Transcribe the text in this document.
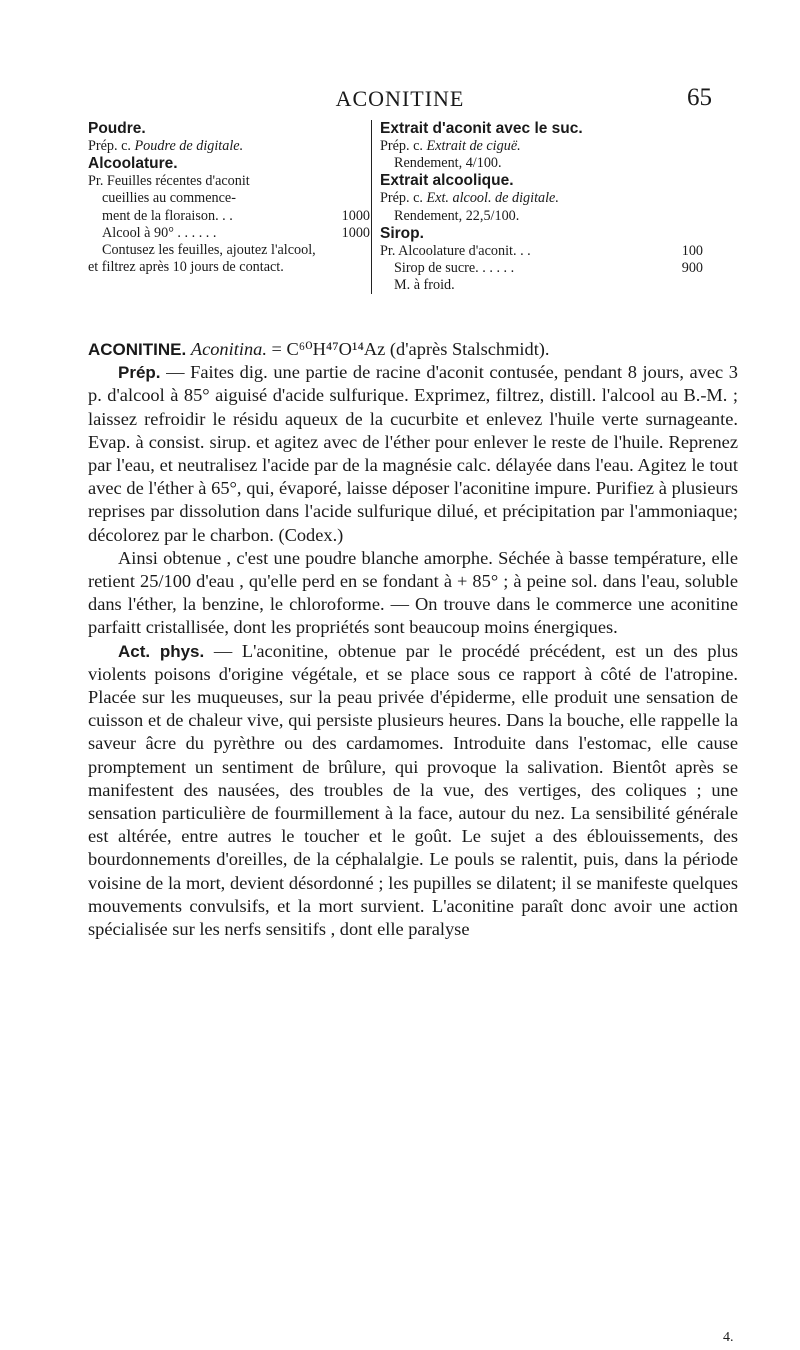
ACONITINE	65
Poudre.
Prép. c. Poudre de digitale.
Alcoolature.
Pr. Feuilles récentes d'aconit
cueillies au commence-
ment de la floraison. . .	1000
Alcool à 90° . . . . . .	1000
Contusez les feuilles, ajoutez l'alcool,
et filtrez après 10 jours de contact.
Extrait d'aconit avec le suc.
Prép. c. Extrait de ciguë.
Rendement, 4/100.
Extrait alcoolique.
Prép. c. Ext. alcool. de digitale.
Rendement, 22,5/100.
Sirop.
Pr. Alcoolature d'aconit. . .	100
Sirop de sucre. . . . . .	900
M. à froid.

ACONITINE. Aconitina. = C⁶⁰H⁴⁷O¹⁴Az (d'après Stalschmidt).

Prép. — Faites dig. une partie de racine d'aconit contusée, pendant 8 jours, avec 3 p. d'alcool à 85° aiguisé d'acide sulfurique. Exprimez, filtrez, distill. l'alcool au B.-M. ; laissez refroidir le résidu aqueux de la cucurbite et enlevez l'huile verte surnageante. Evap. à consist. sirup. et agitez avec de l'éther pour enlever le reste de l'huile. Reprenez par l'eau, et neutralisez l'acide par de la magnésie calc. délayée dans l'eau. Agitez le tout avec de l'éther à 65°, qui, évaporé, laisse déposer l'aconitine impure. Purifiez à plusieurs reprises par dissolution dans l'acide sulfurique dilué, et précipitation par l'ammoniaque; décolorez par le charbon. (Codex.)

Ainsi obtenue , c'est une poudre blanche amorphe. Séchée à basse température, elle retient 25/100 d'eau , qu'elle perd en se fondant à + 85° ; à peine sol. dans l'eau, soluble dans l'éther, la benzine, le chloroforme. — On trouve dans le commerce une aconitine parfaitt cristallisée, dont les propriétés sont beaucoup moins énergiques.

Act. phys. — L'aconitine, obtenue par le procédé précédent, est un des plus violents poisons d'origine végétale, et se place sous ce rapport à côté de l'atropine. Placée sur les muqueuses, sur la peau privée d'épiderme, elle produit une sensation de cuisson et de chaleur vive, qui persiste plusieurs heures. Dans la bouche, elle rappelle la saveur âcre du pyrèthre ou des cardamomes. Introduite dans l'estomac, elle cause promptement un sentiment de brûlure, qui provoque la salivation. Bientôt après se manifestent des nausées, des troubles de la vue, des vertiges, des coliques ; une sensation particulière de fourmillement à la face, autour du nez. La sensibilité générale est altérée, entre autres le toucher et le goût. Le sujet a des éblouissements, des bourdonnements d'oreilles, de la céphalalgie. Le pouls se ralentit, puis, dans la période voisine de la mort, devient désordonné ; les pupilles se dilatent; il se manifeste quelques mouvements convulsifs, et la mort survient. L'aconitine paraît donc avoir une action spécialisée sur les nerfs sensitifs , dont elle paralyse

4.
